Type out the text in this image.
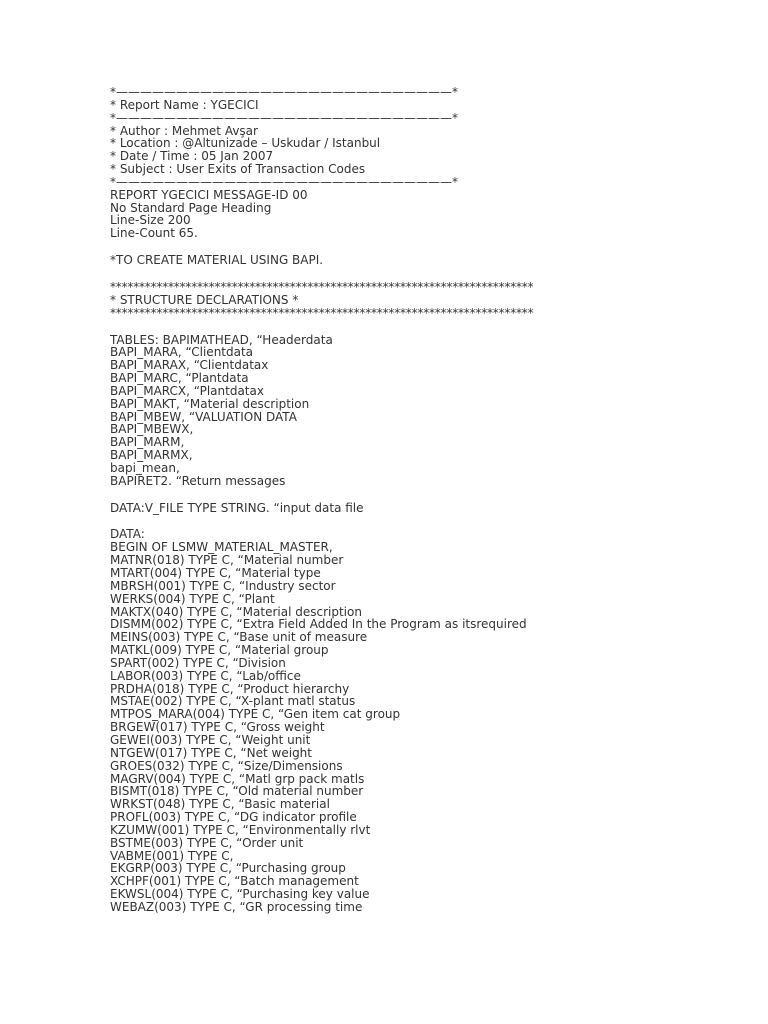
*————————————————————————————*
* Report Name : YGECICI
*————————————————————————————*
* Author : Mehmet Avşar
* Location : @Altunizade – Uskudar / Istanbul
* Date / Time : 05 Jan 2007
* Subject : User Exits of Transaction Codes
*————————————————————————————*
REPORT YGECICI MESSAGE-ID 00
No Standard Page Heading
Line-Size 200
Line-Count 65.
*TO CREATE MATERIAL USING BAPI.
*************************************************************************
* STRUCTURE DECLARATIONS *
*************************************************************************
TABLES: BAPIMATHEAD, “Headerdata
BAPI_MARA, “Clientdata
BAPI_MARAX, “Clientdatax
BAPI_MARC, “Plantdata
BAPI_MARCX, “Plantdatax
BAPI_MAKT, “Material description
BAPI_MBEW, “VALUATION DATA
BAPI_MBEWX,
BAPI_MARM,
BAPI_MARMX,
bapi_mean,
BAPIRET2. “Return messages
DATA:V_FILE TYPE STRING. “input data file
DATA:
BEGIN OF LSMW_MATERIAL_MASTER,
MATNR(018) TYPE C, “Material number
MTART(004) TYPE C, “Material type
MBRSH(001) TYPE C, “Industry sector
WERKS(004) TYPE C, “Plant
MAKTX(040) TYPE C, “Material description
DISMM(002) TYPE C, “Extra Field Added In the Program as itsrequired
MEINS(003) TYPE C, “Base unit of measure
MATKL(009) TYPE C, “Material group
SPART(002) TYPE C, “Division
LABOR(003) TYPE C, “Lab/office
PRDHA(018) TYPE C, “Product hierarchy
MSTAE(002) TYPE C, “X-plant matl status
MTPOS_MARA(004) TYPE C, “Gen item cat group
BRGEW(017) TYPE C, “Gross weight
GEWEI(003) TYPE C, “Weight unit
NTGEW(017) TYPE C, “Net weight
GROES(032) TYPE C, “Size/Dimensions
MAGRV(004) TYPE C, “Matl grp pack matls
BISMT(018) TYPE C, “Old material number
WRKST(048) TYPE C, “Basic material
PROFL(003) TYPE C, “DG indicator profile
KZUMW(001) TYPE C, “Environmentally rlvt
BSTME(003) TYPE C, “Order unit
VABME(001) TYPE C,
EKGRP(003) TYPE C, “Purchasing group
XCHPF(001) TYPE C, “Batch management
EKWSL(004) TYPE C, “Purchasing key value
WEBAZ(003) TYPE C, “GR processing time
